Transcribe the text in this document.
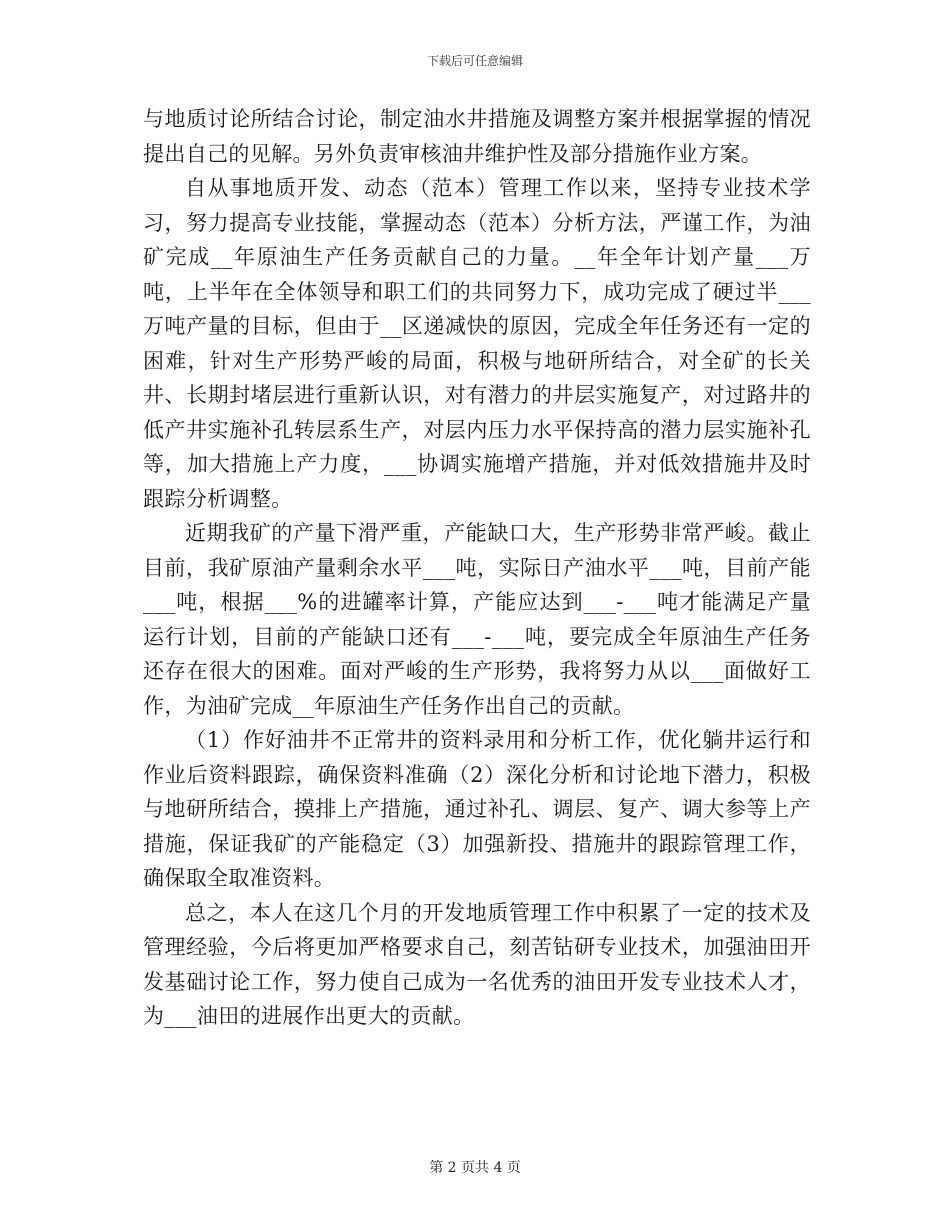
下载后可任意编辑

与地质讨论所结合讨论，制定油水井措施及调整方案并根据掌握的情况提出自己的见解。另外负责审核油井维护性及部分措施作业方案。

自从事地质开发、动态（范本）管理工作以来，坚持专业技术学习，努力提高专业技能，掌握动态（范本）分析方法，严谨工作，为油矿完成__年原油生产任务贡献自己的力量。__年全年计划产量___万吨，上半年在全体领导和职工们的共同努力下，成功完成了硬过半___万吨产量的目标，但由于__区递减快的原因，完成全年任务还有一定的困难，针对生产形势严峻的局面，积极与地研所结合，对全矿的长关井、长期封堵层进行重新认识，对有潜力的井层实施复产，对过路井的低产井实施补孔转层系生产，对层内压力水平保持高的潜力层实施补孔等，加大措施上产力度，___协调实施增产措施，并对低效措施井及时跟踪分析调整。

近期我矿的产量下滑严重，产能缺口大，生产形势非常严峻。截止目前，我矿原油产量剩余水平___吨，实际日产油水平___吨，目前产能___吨，根据___%的进罐率计算，产能应达到___-___吨才能满足产量运行计划，目前的产能缺口还有___-___吨，要完成全年原油生产任务还存在很大的困难。面对严峻的生产形势，我将努力从以___面做好工作，为油矿完成__年原油生产任务作出自己的贡献。

（1）作好油井不正常井的资料录用和分析工作，优化躺井运行和作业后资料跟踪，确保资料准确（2）深化分析和讨论地下潜力，积极与地研所结合，摸排上产措施，通过补孔、调层、复产、调大参等上产措施，保证我矿的产能稳定（3）加强新投、措施井的跟踪管理工作，确保取全取准资料。

总之，本人在这几个月的开发地质管理工作中积累了一定的技术及管理经验，今后将更加严格要求自己，刻苦钻研专业技术，加强油田开发基础讨论工作，努力使自己成为一名优秀的油田开发专业技术人才，为___油田的进展作出更大的贡献。

第 2 页共 4 页
